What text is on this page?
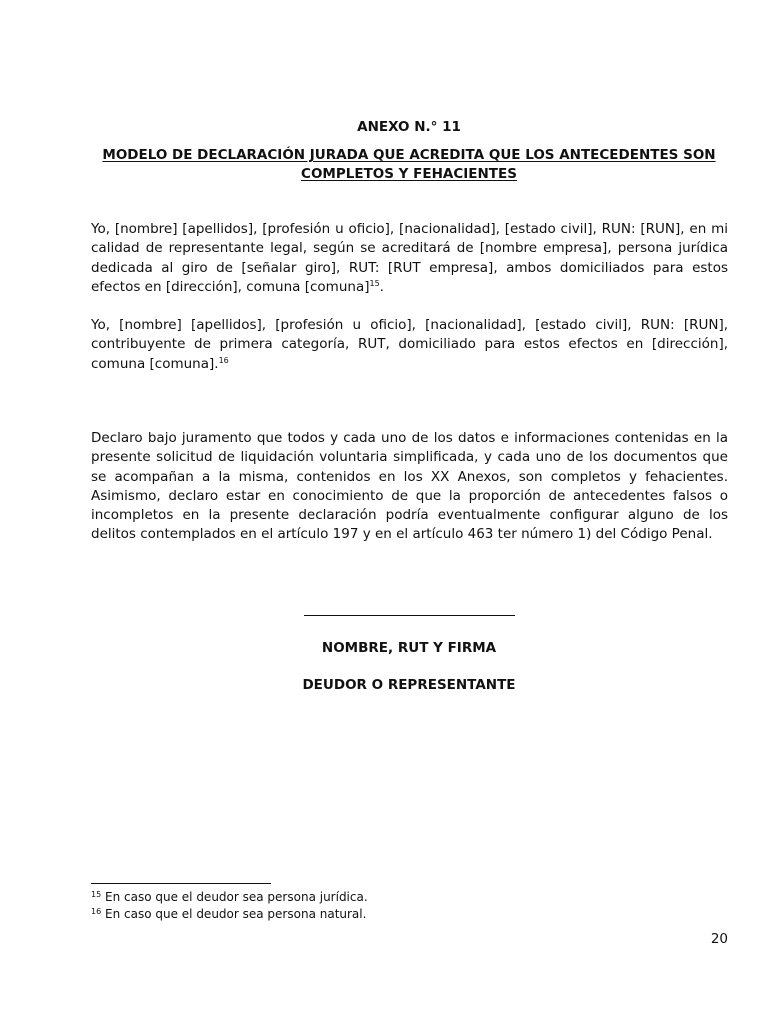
ANEXO N.° 11
MODELO DE DECLARACIÓN JURADA QUE ACREDITA QUE LOS ANTECEDENTES SON COMPLETOS Y FEHACIENTES

Yo, [nombre] [apellidos], [profesión u oficio], [nacionalidad], [estado civil], RUN: [RUN], en mi calidad de representante legal, según se acreditará de [nombre empresa], persona jurídica dedicada al giro de [señalar giro], RUT: [RUT empresa], ambos domiciliados para estos efectos en [dirección], comuna [comuna]$^{15}$.

Yo, [nombre] [apellidos], [profesión u oficio], [nacionalidad], [estado civil], RUN: [RUN], contribuyente de primera categoría, RUT, domiciliado para estos efectos en [dirección], comuna [comuna].$^{16}$

Declaro bajo juramento que todos y cada uno de los datos e informaciones contenidas en la presente solicitud de liquidación voluntaria simplificada, y cada uno de los documentos que se acompañan a la misma, contenidos en los XX Anexos, son completos y fehacientes. Asimismo, declaro estar en conocimiento de que la proporción de antecedentes falsos o incompletos en la presente declaración podría eventualmente configurar alguno de los delitos contemplados en el artículo 197 y en el artículo 463 ter número 1) del Código Penal.

NOMBRE, RUT Y FIRMA
DEUDOR O REPRESENTANTE
$^{15}$ En caso que el deudor sea persona jurídica.
$^{16}$ En caso que el deudor sea persona natural.
20
